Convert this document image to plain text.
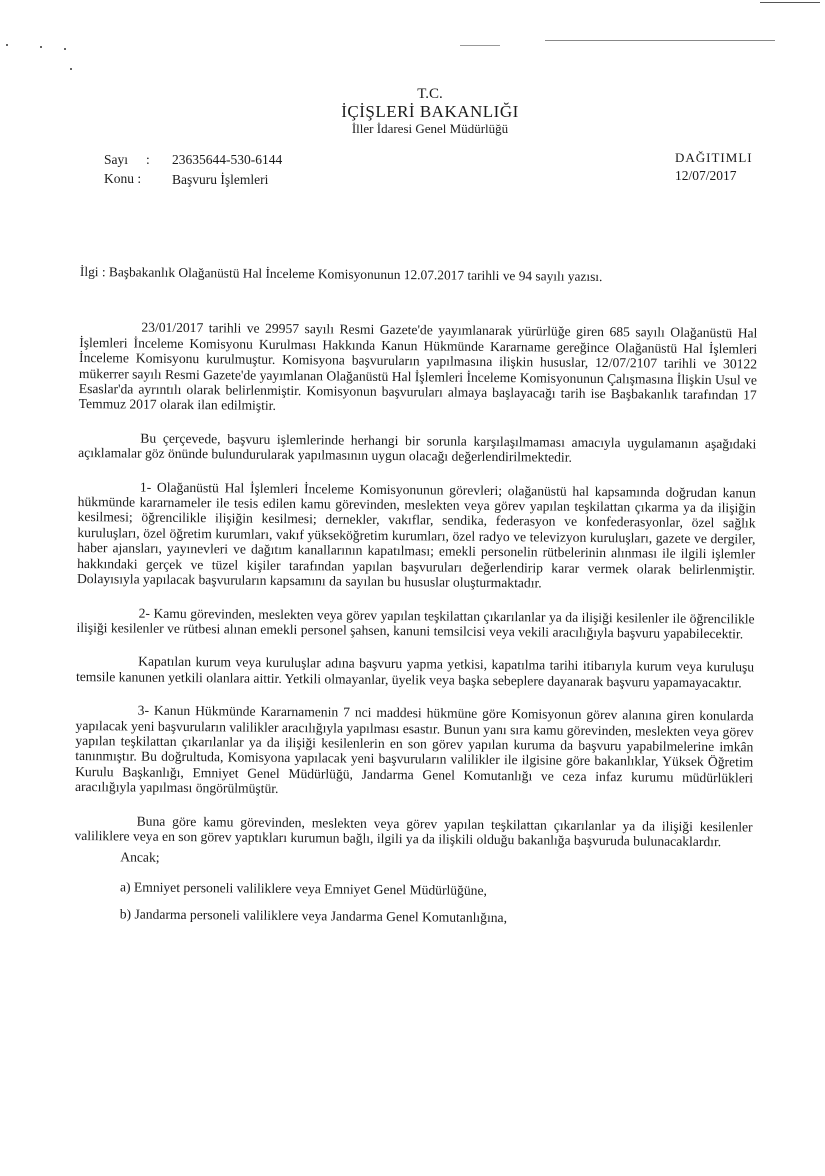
T.C.
İÇİŞLERİ BAKANLIĞI
İller İdaresi Genel Müdürlüğü
Sayı : 23635644-530-6144
Konu : Başvuru İşlemleri
DAĞITIMLI
12/07/2017

İlgi : Başbakanlık Olağanüstü Hal İnceleme Komisyonunun 12.07.2017 tarihli ve 94 sayılı yazısı.

23/01/2017 tarihli ve 29957 sayılı Resmi Gazete'de yayımlanarak yürürlüğe giren 685 sayılı Olağanüstü Hal İşlemleri İnceleme Komisyonu Kurulması Hakkında Kanun Hükmünde Kararname gereğince Olağanüstü Hal İşlemleri İnceleme Komisyonu kurulmuştur. Komisyona başvuruların yapılmasına ilişkin hususlar, 12/07/2107 tarihli ve 30122 mükerrer sayılı Resmi Gazete'de yayımlanan Olağanüstü Hal İşlemleri İnceleme Komisyonunun Çalışmasına İlişkin Usul ve Esaslar'da ayrıntılı olarak belirlenmiştir. Komisyonun başvuruları almaya başlayacağı tarih ise Başbakanlık tarafından 17 Temmuz 2017 olarak ilan edilmiştir.

Bu çerçevede, başvuru işlemlerinde herhangi bir sorunla karşılaşılmaması amacıyla uygulamanın aşağıdaki açıklamalar göz önünde bulundurularak yapılmasının uygun olacağı değerlendirilmektedir.

1- Olağanüstü Hal İşlemleri İnceleme Komisyonunun görevleri; olağanüstü hal kapsamında doğrudan kanun hükmünde kararnameler ile tesis edilen kamu görevinden, meslekten veya görev yapılan teşkilattan çıkarma ya da ilişiğin kesilmesi; öğrencilikle ilişiğin kesilmesi; dernekler, vakıflar, sendika, federasyon ve konfederasyonlar, özel sağlık kuruluşları, özel öğretim kurumları, vakıf yükseköğretim kurumları, özel radyo ve televizyon kuruluşları, gazete ve dergiler, haber ajansları, yayınevleri ve dağıtım kanallarının kapatılması; emekli personelin rütbelerinin alınması ile ilgili işlemler hakkındaki gerçek ve tüzel kişiler tarafından yapılan başvuruları değerlendirip karar vermek olarak belirlenmiştir. Dolayısıyla yapılacak başvuruların kapsamını da sayılan bu hususlar oluşturmaktadır.

2- Kamu görevinden, meslekten veya görev yapılan teşkilattan çıkarılanlar ya da ilişiği kesilenler ile öğrencilikle ilişiği kesilenler ve rütbesi alınan emekli personel şahsen, kanuni temsilcisi veya vekili aracılığıyla başvuru yapabilecektir.

Kapatılan kurum veya kuruluşlar adına başvuru yapma yetkisi, kapatılma tarihi itibarıyla kurum veya kuruluşu temsile kanunen yetkili olanlara aittir. Yetkili olmayanlar, üyelik veya başka sebeplere dayanarak başvuru yapamayacaktır.

3- Kanun Hükmünde Kararnamenin 7 nci maddesi hükmüne göre Komisyonun görev alanına giren konularda yapılacak yeni başvuruların valilikler aracılığıyla yapılması esastır. Bunun yanı sıra kamu görevinden, meslekten veya görev yapılan teşkilattan çıkarılanlar ya da ilişiği kesilenlerin en son görev yapılan kuruma da başvuru yapabilmelerine imkân tanınmıştır. Bu doğrultuda, Komisyona yapılacak yeni başvuruların valilikler ile ilgisine göre bakanlıklar, Yüksek Öğretim Kurulu Başkanlığı, Emniyet Genel Müdürlüğü, Jandarma Genel Komutanlığı ve ceza infaz kurumu müdürlükleri aracılığıyla yapılması öngörülmüştür.

Buna göre kamu görevinden, meslekten veya görev yapılan teşkilattan çıkarılanlar ya da ilişiği kesilenler valiliklere veya en son görev yaptıkları kurumun bağlı, ilgili ya da ilişkili olduğu bakanlığa başvuruda bulunacaklardır.

Ancak;

a) Emniyet personeli valiliklere veya Emniyet Genel Müdürlüğüne,

b) Jandarma personeli valiliklere veya Jandarma Genel Komutanlığına,
